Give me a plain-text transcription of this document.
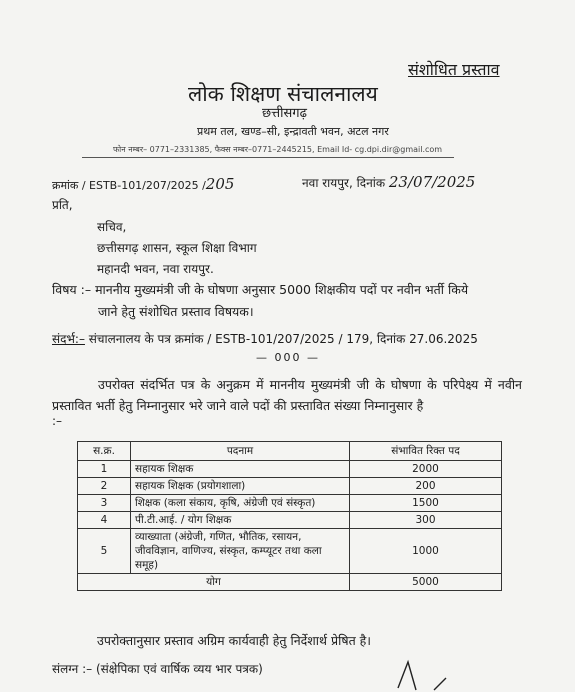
संशोधित प्रस्ताव
लोक शिक्षण संचालनालय
छत्तीसगढ़
प्रथम तल, खण्ड–सी, इन्द्रावती भवन, अटल नगर
फोन नम्बर– 0771–2331385, फैक्स नम्बर–0771–2445215, Email Id- cg.dpi.dir@gmail.com
क्रमांक / ESTB-101/207/2025 /205	नवा रायपुर, दिनांक 23/07/2025
प्रति,
सचिव,
छत्तीसगढ़ शासन, स्कूल शिक्षा विभाग
महानदी भवन, नवा रायपुर.
विषय :– माननीय मुख्यमंत्री जी के घोषणा अनुसार 5000 शिक्षकीय पदों पर नवीन भर्ती किये
जाने हेतु संशोधित प्रस्ताव विषयक।
संदर्भ:– संचालनालय के पत्र क्रमांक / ESTB-101/207/2025 / 179, दिनांक 27.06.2025
— 000 —
उपरोक्त संदर्भित पत्र के अनुक्रम में माननीय मुख्यमंत्री जी के घोषणा के परिपेक्ष्य में नवीन प्रस्तावित भर्ती हेतु निम्नानुसार भरे जाने वाले पदों की प्रस्तावित संख्या निम्नानुसार है
:–
स.क्र.	पदनाम	संभावित रिक्त पद
1	सहायक शिक्षक	2000
2	सहायक शिक्षक (प्रयोगशाला)	200
3	शिक्षक (कला संकाय, कृषि, अंग्रेजी एवं संस्कृत)	1500
4	पी.टी.आई. / योग शिक्षक	300
5	व्याख्याता (अंग्रेजी, गणित, भौतिक, रसायन, जीवविज्ञान, वाणिज्य, संस्कृत, कम्प्यूटर तथा कला समूह)	1000
योग		5000
उपरोक्तानुसार प्रस्ताव अग्रिम कार्यवाही हेतु निर्देशार्थ प्रेषित है।
संलग्न :– (संक्षेपिका एवं वार्षिक व्यय भार पत्रक)
